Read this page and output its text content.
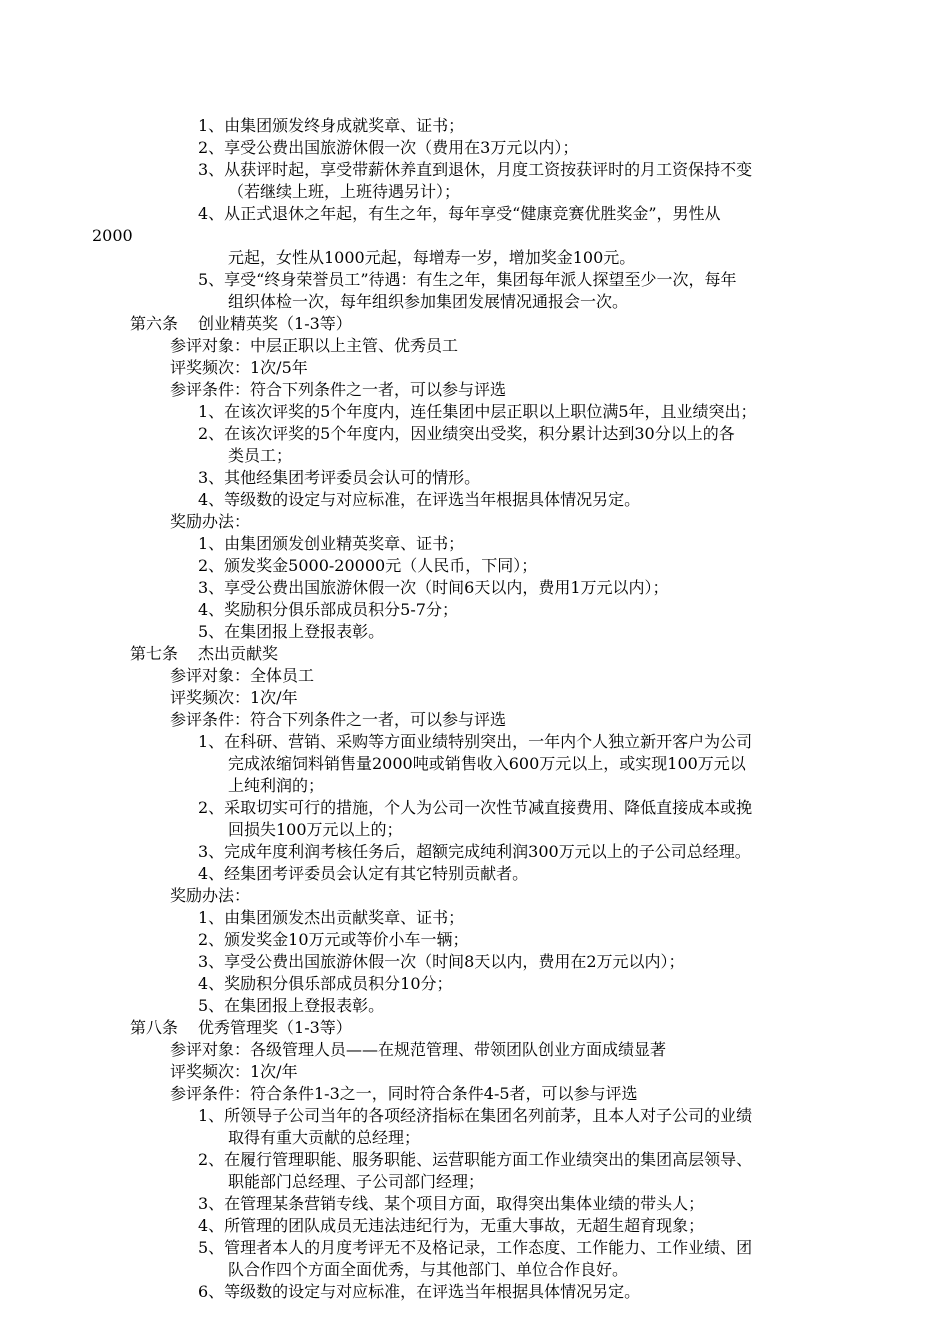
1、由集团颁发终身成就奖章、证书；
2、享受公费出国旅游休假一次（费用在3万元以内）；
3、从获评时起，享受带薪休养直到退休，月度工资按获评时的月工资保持不变
（若继续上班，上班待遇另计）；
4、从正式退休之年起，有生之年，每年享受“健康竞赛优胜奖金”，男性从
2000
元起，女性从1000元起，每增寿一岁，增加奖金100元。
5、享受“终身荣誉员工”待遇：有生之年，集团每年派人探望至少一次，每年
组织体检一次，每年组织参加集团发展情况通报会一次。
第六条 创业精英奖（1-3等）
参评对象：中层正职以上主管、优秀员工
评奖频次：1次/5年
参评条件：符合下列条件之一者，可以参与评选
1、在该次评奖的5个年度内，连任集团中层正职以上职位满5年，且业绩突出；
2、在该次评奖的5个年度内，因业绩突出受奖，积分累计达到30分以上的各
类员工；
3、其他经集团考评委员会认可的情形。
4、等级数的设定与对应标准，在评选当年根据具体情况另定。
奖励办法：
1、由集团颁发创业精英奖章、证书；
2、颁发奖金5000-20000元（人民币，下同）；
3、享受公费出国旅游休假一次（时间6天以内，费用1万元以内）；
4、奖励积分俱乐部成员积分5-7分；
5、在集团报上登报表彰。
第七条 杰出贡献奖
参评对象：全体员工
评奖频次：1次/年
参评条件：符合下列条件之一者，可以参与评选
1、在科研、营销、采购等方面业绩特别突出，一年内个人独立新开客户为公司
完成浓缩饲料销售量2000吨或销售收入600万元以上，或实现100万元以
上纯利润的；
2、采取切实可行的措施，个人为公司一次性节减直接费用、降低直接成本或挽
回损失100万元以上的；
3、完成年度利润考核任务后，超额完成纯利润300万元以上的子公司总经理。
4、经集团考评委员会认定有其它特别贡献者。
奖励办法：
1、由集团颁发杰出贡献奖章、证书；
2、颁发奖金10万元或等价小车一辆；
3、享受公费出国旅游休假一次（时间8天以内，费用在2万元以内）；
4、奖励积分俱乐部成员积分10分；
5、在集团报上登报表彰。
第八条 优秀管理奖（1-3等）
参评对象：各级管理人员——在规范管理、带领团队创业方面成绩显著
评奖频次：1次/年
参评条件：符合条件1-3之一，同时符合条件4-5者，可以参与评选
1、所领导子公司当年的各项经济指标在集团名列前茅，且本人对子公司的业绩
取得有重大贡献的总经理；
2、在履行管理职能、服务职能、运营职能方面工作业绩突出的集团高层领导、
职能部门总经理、子公司部门经理；
3、在管理某条营销专线、某个项目方面，取得突出集体业绩的带头人；
4、所管理的团队成员无违法违纪行为，无重大事故，无超生超育现象；
5、管理者本人的月度考评无不及格记录，工作态度、工作能力、工作业绩、团
队合作四个方面全面优秀，与其他部门、单位合作良好。
6、等级数的设定与对应标准，在评选当年根据具体情况另定。
